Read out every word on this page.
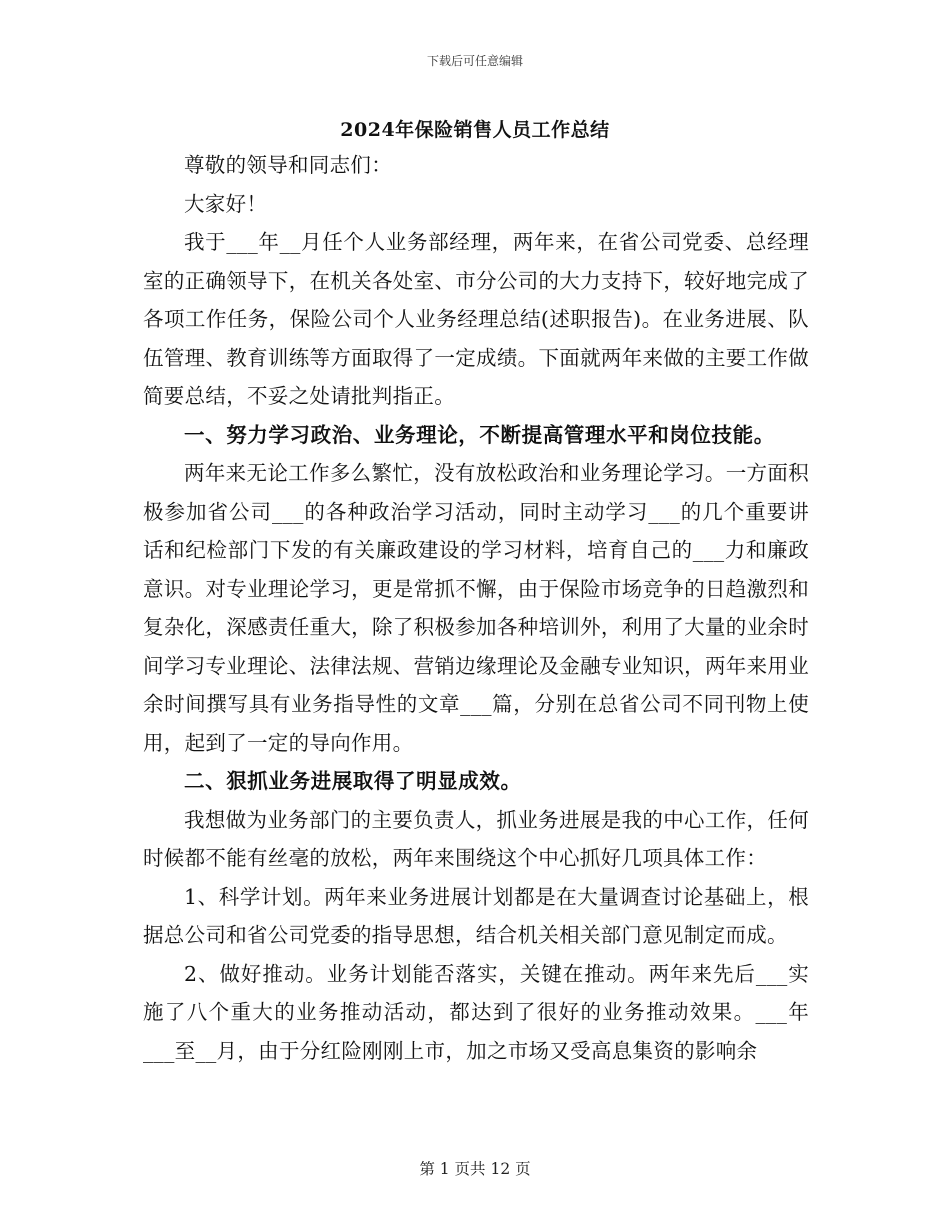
下载后可任意编辑
2024年保险销售人员工作总结

尊敬的领导和同志们：

大家好！

我于___年__月任个人业务部经理，两年来，在省公司党委、总经理室的正确领导下，在机关各处室、市分公司的大力支持下，较好地完成了各项工作任务，保险公司个人业务经理总结(述职报告)。在业务进展、队伍管理、教育训练等方面取得了一定成绩。下面就两年来做的主要工作做简要总结，不妥之处请批判指正。

一、努力学习政治、业务理论，不断提高管理水平和岗位技能。

两年来无论工作多么繁忙，没有放松政治和业务理论学习。一方面积极参加省公司___的各种政治学习活动，同时主动学习___的几个重要讲话和纪检部门下发的有关廉政建设的学习材料，培育自己的___力和廉政意识。对专业理论学习，更是常抓不懈，由于保险市场竞争的日趋激烈和复杂化，深感责任重大，除了积极参加各种培训外，利用了大量的业余时间学习专业理论、法律法规、营销边缘理论及金融专业知识，两年来用业余时间撰写具有业务指导性的文章___篇，分别在总省公司不同刊物上使用，起到了一定的导向作用。

二、狠抓业务进展取得了明显成效。

我想做为业务部门的主要负责人，抓业务进展是我的中心工作，任何时候都不能有丝毫的放松，两年来围绕这个中心抓好几项具体工作：

1、科学计划。两年来业务进展计划都是在大量调查讨论基础上，根据总公司和省公司党委的指导思想，结合机关相关部门意见制定而成。

2、做好推动。业务计划能否落实，关键在推动。两年来先后___实施了八个重大的业务推动活动，都达到了很好的业务推动效果。___年___至__月，由于分红险刚刚上市，加之市场又受高息集资的影响余

第 1 页共 12 页
